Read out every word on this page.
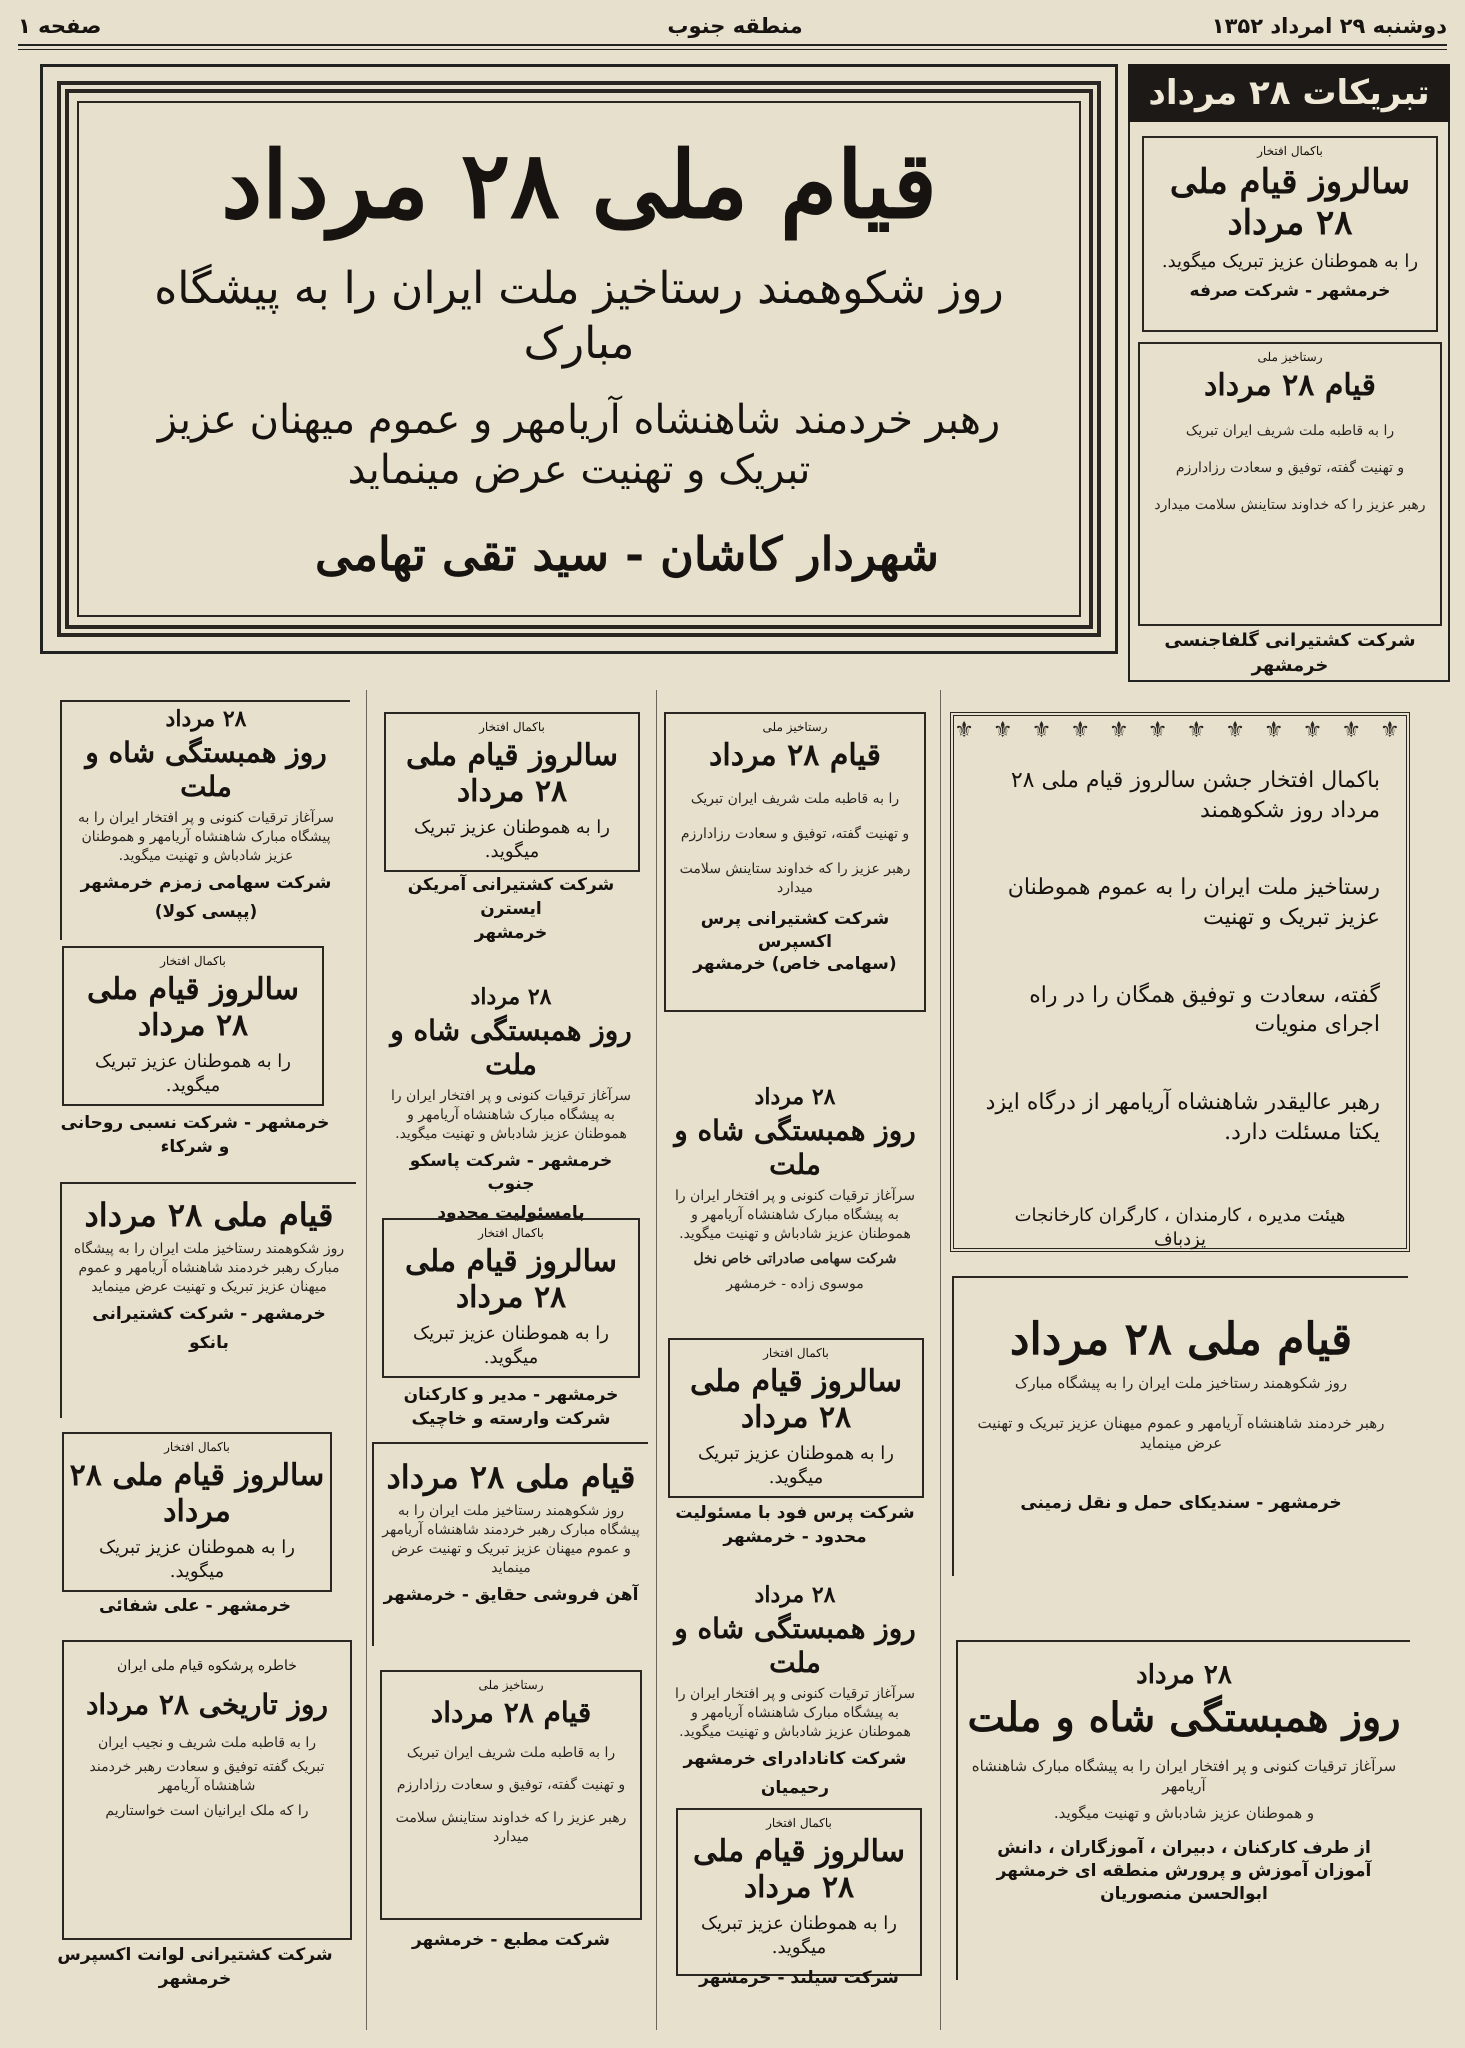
دوشنبه ۲۹ امرداد ۱۳۵۲
منطقه جنوب
صفحه ۱
قیام ملی ۲۸ مرداد
روز شکوهمند رستاخیز ملت ایران را به پیشگاه مبارک
رهبر خردمند شاهنشاه آریامهر و عموم میهنان عزیز تبریک و تهنیت عرض مینماید
شهردار کاشان - سید تقی تهامی
تبریکات ۲۸ مرداد
باکمال افتخار
سالروز قیام ملی ۲۸ مرداد
را به هموطنان عزیز تبریک میگوید.
خرمشهر - شرکت صرفه
رستاخیز ملی
قیام ۲۸ مرداد
را به قاطبه ملت شریف ایران تبریک
و تهنیت گفته، توفیق و سعادت رزادارزم
رهبر عزیز را که خداوند ستاینش سلامت میدارد
شرکت کشتیرانی گلفاجنسی
خرمشهر
۲۸ مرداد
روز همبستگی شاه و ملت
سرآغاز ترقیات کنونی و پر افتخار ایران را به پیشگاه مبارک شاهنشاه آریامهر و هموطنان عزیز شادباش و تهنیت میگوید.
شرکت سهامی زمزم خرمشهر
(پپسی کولا)
باکمال افتخار
سالروز قیام ملی ۲۸ مرداد
را به هموطنان عزیز تبریک میگوید.
خرمشهر - شرکت نسبی روحانی
و شرکاء
قیام ملی ۲۸ مرداد
روز شکوهمند رستاخیز ملت ایران را به پیشگاه مبارک رهبر خردمند شاهنشاه آریامهر و عموم میهنان عزیز تبریک و تهنیت عرض مینماید
خرمشهر - شرکت کشتیرانی
بانکو
باکمال افتخار
سالروز قیام ملی ۲۸ مرداد
را به هموطنان عزیز تبریک میگوید.
خرمشهر - علی شفائی
خاطره پرشکوه قیام ملی ایران
روز تاریخی ۲۸ مرداد
را به قاطبه ملت شریف و نجیب ایران
تبریک گفته توفیق و سعادت رهبر خردمند شاهنشاه آریامهر
را که ملک ایرانیان است خواستاریم
شرکت کشتیرانی لوانت اکسپرس
خرمشهر
باکمال افتخار
سالروز قیام ملی ۲۸ مرداد
را به هموطنان عزیز تبریک میگوید.
شرکت کشتیرانی آمریکن ایسترن
خرمشهر
۲۸ مرداد
روز همبستگی شاه و ملت
سرآغاز ترقیات کنونی و پر افتخار ایران را به پیشگاه مبارک شاهنشاه آریامهر و هموطنان عزیز شادباش و تهنیت میگوید.
خرمشهر - شرکت پاسکو جنوب
بامسئولیت محدود
باکمال افتخار
سالروز قیام ملی ۲۸ مرداد
را به هموطنان عزیز تبریک میگوید.
خرمشهر - مدیر و کارکنان
شرکت وارسته و خاچیک
قیام ملی ۲۸ مرداد
روز شکوهمند رستاخیز ملت ایران را به پیشگاه مبارک رهبر خردمند شاهنشاه آریامهر و عموم میهنان عزیز تبریک و تهنیت عرض مینماید
آهن فروشی حقایق - خرمشهر
رستاخیز ملی
قیام ۲۸ مرداد
را به قاطبه ملت شریف ایران تبریک
و تهنیت گفته، توفیق و سعادت رزادارزم
رهبر عزیز را که خداوند ستاینش سلامت میدارد
شرکت مطبع - خرمشهر
رستاخیز ملی
قیام ۲۸ مرداد
را به قاطبه ملت شریف ایران تبریک
و تهنیت گفته، توفیق و سعادت رزادارزم
رهبر عزیز را که خداوند ستاینش سلامت میدارد
شرکت کشتیرانی پرس اکسپرس
(سهامی خاص) خرمشهر
۲۸ مرداد
روز همبستگی شاه و ملت
سرآغاز ترقیات کنونی و پر افتخار ایران را به پیشگاه مبارک شاهنشاه آریامهر و هموطنان عزیز شادباش و تهنیت میگوید.
شرکت سهامی صادراتی خاص نخل
موسوی زاده - خرمشهر
باکمال افتخار
سالروز قیام ملی ۲۸ مرداد
را به هموطنان عزیز تبریک میگوید.
شرکت پرس فود با مسئولیت
محدود - خرمشهر
۲۸ مرداد
روز همبستگی شاه و ملت
سرآغاز ترقیات کنونی و پر افتخار ایران را به پیشگاه مبارک شاهنشاه آریامهر و هموطنان عزیز شادباش و تهنیت میگوید.
شرکت کانادادرای خرمشهر
رحیمیان
باکمال افتخار
سالروز قیام ملی ۲۸ مرداد
را به هموطنان عزیز تبریک میگوید.
شرکت سیلند - خرمشهر
⚜ ⚜ ⚜ ⚜ ⚜ ⚜ ⚜ ⚜ ⚜ ⚜ ⚜ ⚜
باکمال افتخار جشن سالروز قیام ملی ۲۸ مرداد روز شکوهمند
رستاخیز ملت ایران را به عموم هموطنان عزیز تبریک و تهنیت
گفته، سعادت و توفیق همگان را در راه اجرای منویات
رهبر عالیقدر شاهنشاه آریامهر از درگاه ایزد یکتا مسئلت دارد.
هیئت مدیره ، کارمندان ، کارگران کارخانجات یزدباف
قیام ملی ۲۸ مرداد
روز شکوهمند رستاخیز ملت ایران را به پیشگاه مبارک
رهبر خردمند شاهنشاه آریامهر و عموم میهنان عزیز تبریک و تهنیت عرض مینماید
خرمشهر - سندیکای حمل و نقل زمینی
۲۸ مرداد
روز همبستگی شاه و ملت
سرآغاز ترقیات کنونی و پر افتخار ایران را به پیشگاه مبارک شاهنشاه آریامهر
و هموطنان عزیز شادباش و تهنیت میگوید.
از طرف کارکنان ، دبیران ، آموزگاران ، دانش
آموزان آموزش و پرورش منطقه ای خرمشهر
ابوالحسن منصوریان
